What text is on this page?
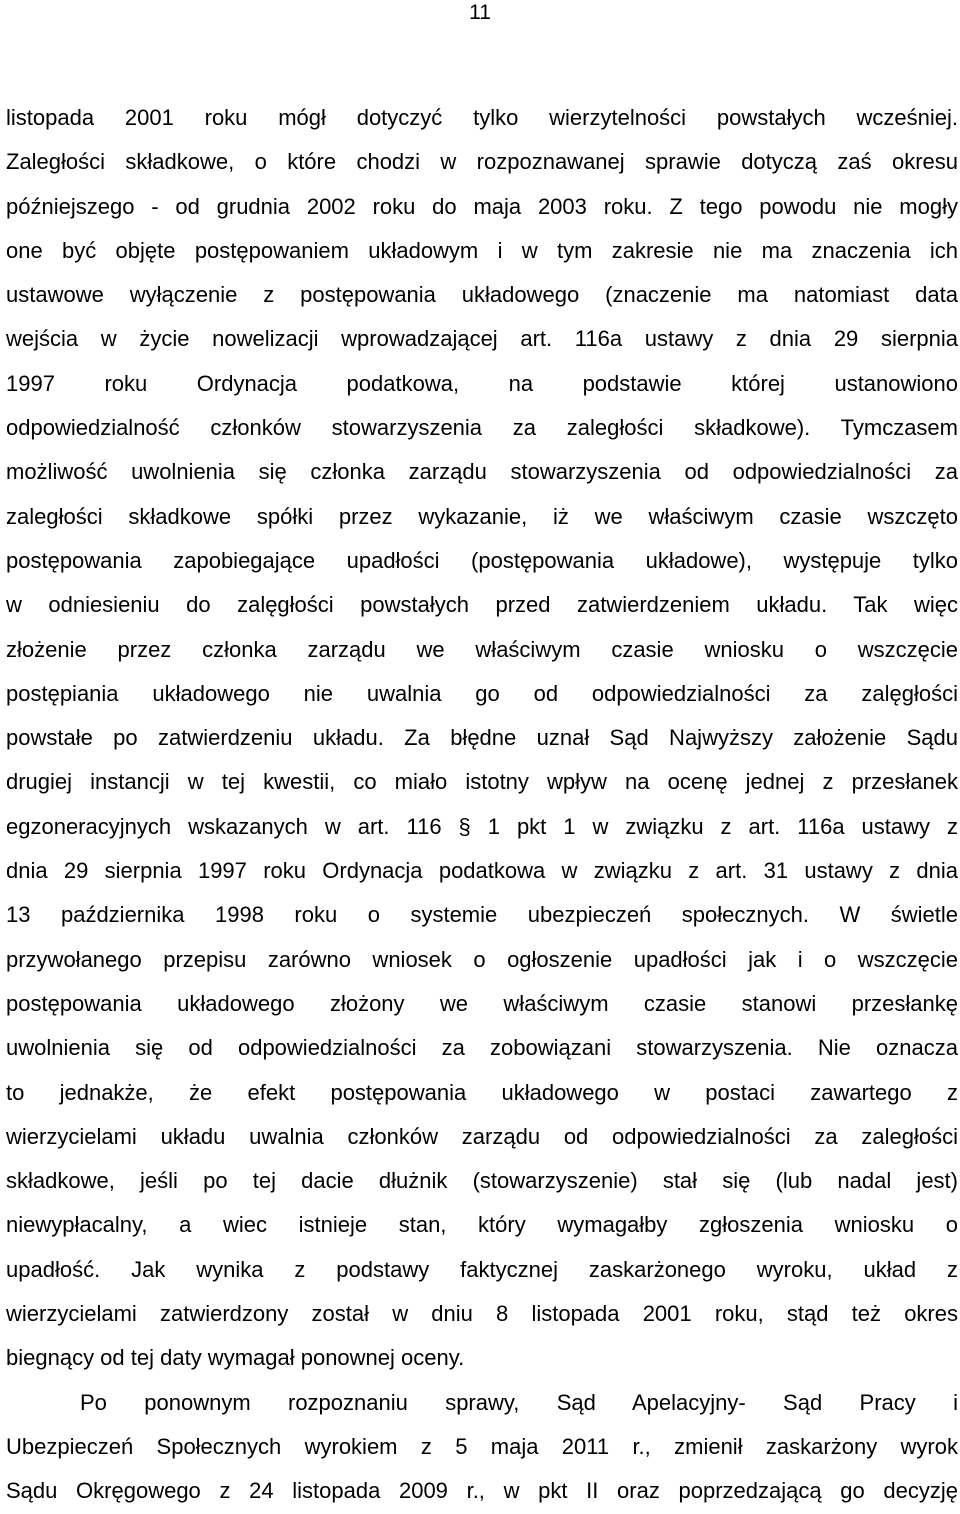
11

listopada 2001 roku mógł dotyczyć tylko wierzytelności powstałych wcześniej.
Zaległości składkowe, o które chodzi w rozpoznawanej sprawie dotyczą zaś okresu
późniejszego - od grudnia 2002 roku do maja 2003 roku. Z tego powodu nie mogły
one być objęte postępowaniem układowym i w tym zakresie nie ma znaczenia ich
ustawowe wyłączenie z postępowania układowego (znaczenie ma natomiast data
wejścia w życie nowelizacji wprowadzającej art. 116a ustawy z dnia 29 sierpnia
1997 roku Ordynacja podatkowa, na podstawie której ustanowiono
odpowiedzialność członków stowarzyszenia za zaległości składkowe). Tymczasem
możliwość uwolnienia się członka zarządu stowarzyszenia od odpowiedzialności za
zaległości składkowe spółki przez wykazanie, iż we właściwym czasie wszczęto
postępowania zapobiegające upadłości (postępowania układowe), występuje tylko
w odniesieniu do zalęgłości powstałych przed zatwierdzeniem układu. Tak więc
złożenie przez członka zarządu we właściwym czasie wniosku o wszczęcie
postępiania układowego nie uwalnia go od odpowiedzialności za zalęgłości
powstałe po zatwierdzeniu układu. Za błędne uznał Sąd Najwyższy założenie Sądu
drugiej instancji w tej kwestii, co miało istotny wpływ na ocenę jednej z przesłanek
egzoneracyjnych wskazanych w art. 116 § 1 pkt 1 w związku z art. 116a ustawy z
dnia 29 sierpnia 1997 roku Ordynacja podatkowa w związku z art. 31 ustawy z dnia
13 października 1998 roku o systemie ubezpieczeń społecznych. W świetle
przywołanego przepisu zarówno wniosek o ogłoszenie upadłości jak i o wszczęcie
postępowania układowego złożony we właściwym czasie stanowi przesłankę
uwolnienia się od odpowiedzialności za zobowiązani stowarzyszenia. Nie oznacza
to jednakże, że efekt postępowania układowego w postaci zawartego z
wierzycielami układu uwalnia członków zarządu od odpowiedzialności za zaległości
składkowe, jeśli po tej dacie dłużnik (stowarzyszenie) stał się (lub nadal jest)
niewypłacalny, a wiec istnieje stan, który wymagałby zgłoszenia wniosku o
upadłość. Jak wynika z podstawy faktycznej zaskarżonego wyroku, układ z
wierzycielami zatwierdzony został w dniu 8 listopada 2001 roku, stąd też okres
biegnący od tej daty wymagał ponownej oceny.

Po ponownym rozpoznaniu sprawy, Sąd Apelacyjny- Sąd Pracy i
Ubezpieczeń Społecznych wyrokiem z 5 maja 2011 r., zmienił zaskarżony wyrok
Sądu Okręgowego z 24 listopada 2009 r., w pkt II oraz poprzedzającą go decyzję
